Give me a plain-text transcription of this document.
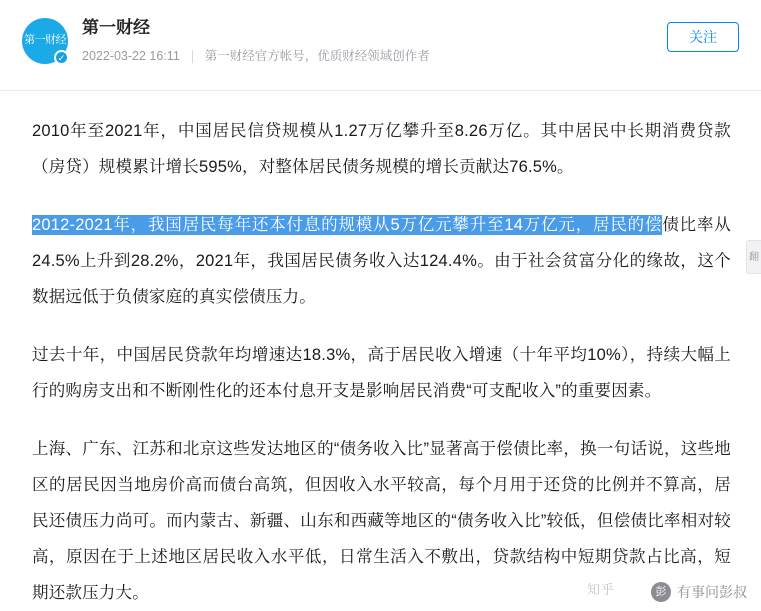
第一财经
✓
第一财经
2022-03-22 16:11 第一财经官方帐号，优质财经领域创作者
关注

2010年至2021年，中国居民信贷规模从1.27万亿攀升至8.26万亿。其中居民中长期消费贷款（房贷）规模累计增长595%，对整体居民债务规模的增长贡献达76.5%。

2012-2021年，我国居民每年还本付息的规模从5万亿元攀升至14万亿元，居民的偿债比率从24.5%上升到28.2%，2021年，我国居民债务收入达124.4%。由于社会贫富分化的缘故，这个数据远低于负债家庭的真实偿债压力。

过去十年，中国居民贷款年均增速达18.3%，高于居民收入增速（十年平均10%），持续大幅上行的购房支出和不断刚性化的还本付息开支是影响居民消费“可支配收入”的重要因素。

上海、广东、江苏和北京这些发达地区的“债务收入比”显著高于偿债比率，换一句话说，这些地区的居民因当地房价高而债台高筑，但因收入水平较高，每个月用于还贷的比例并不算高，居民还债压力尚可。而内蒙古、新疆、山东和西藏等地区的“债务收入比”较低，但偿债比率相对较高，原因在于上述地区居民收入水平低，日常生活入不敷出，贷款结构中短期贷款占比高，短期还款压力大。

翻
知乎	彭 有事问彭叔
